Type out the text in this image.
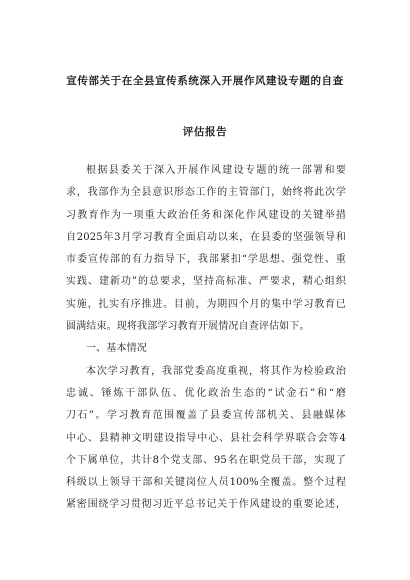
宣传部关于在全县宣传系统深入开展作风建设专题的自查
评估报告
根据县委关于深入开展作风建设专题的统一部署和要
求，我部作为全县意识形态工作的主管部门，始终将此次学
习教育作为一项重大政治任务和深化作风建设的关键举措
自2025年3月学习教育全面启动以来，在县委的坚强领导和
市委宣传部的有力指导下，我部紧扣“学思想、强党性、重
实践、建新功”的总要求，坚持高标准、严要求，精心组织
实施，扎实有序推进。目前，为期四个月的集中学习教育已
圆满结束。现将我部学习教育开展情况自查评估如下。
一、基本情况
本次学习教育，我部党委高度重视，将其作为检验政治
忠诚、锤炼干部队伍、优化政治生态的“试金石”和“磨
刀石”。学习教育范围覆盖了县委宣传部机关、县融媒体
中心、县精神文明建设指导中心、县社会科学界联合会等4
个下属单位，共计8个党支部、95名在职党员干部，实现了
科级以上领导干部和关键岗位人员100%全覆盖。整个过程
紧密围绕学习贯彻习近平总书记关于作风建设的重要论述，
